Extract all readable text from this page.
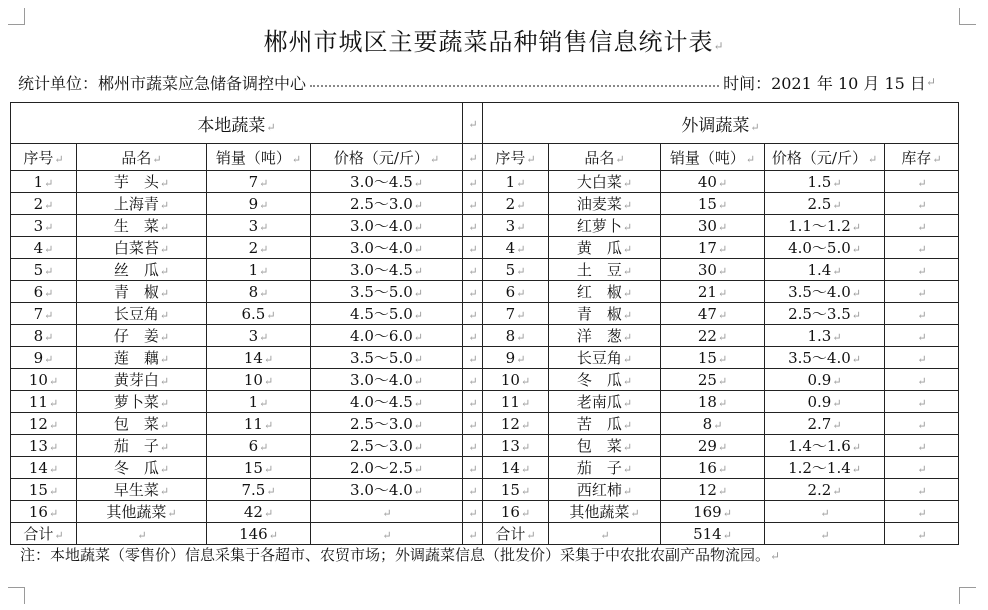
郴州市城区主要蔬菜品种销售信息统计表↵
统计单位：郴州市蔬菜应急储备调控中心	时间：2021 年 10 月 15 日 ↵
本地蔬菜↵				↵	外调蔬菜↵				
序号↵	品名↵	销量（吨）↵	价格（元/斤）↵	↵	序号↵	品名↵	销量（吨）↵	价格（元/斤）↵	库存↵
1↵	芋　头↵	7↵	3.0～4.5↵	↵	1↵	大白菜↵	40↵	1.5↵	↵
2↵	上海青↵	9↵	2.5～3.0↵	↵	2↵	油麦菜↵	15↵	2.5↵	↵
3↵	生　菜↵	3↵	3.0～4.0↵	↵	3↵	红萝卜↵	30↵	1.1～1.2↵	↵
4↵	白菜苔↵	2↵	3.0～4.0↵	↵	4↵	黄　瓜↵	17↵	4.0～5.0↵	↵
5↵	丝　瓜↵	1↵	3.0～4.5↵	↵	5↵	土　豆↵	30↵	1.4↵	↵
6↵	青　椒↵	8↵	3.5～5.0↵	↵	6↵	红　椒↵	21↵	3.5～4.0↵	↵
7↵	长豆角↵	6.5↵	4.5～5.0↵	↵	7↵	青　椒↵	47↵	2.5～3.5↵	↵
8↵	仔　姜↵	3↵	4.0～6.0↵	↵	8↵	洋　葱↵	22↵	1.3↵	↵
9↵	莲　藕↵	14↵	3.5～5.0↵	↵	9↵	长豆角↵	15↵	3.5～4.0↵	↵
10↵	黄芽白↵	10↵	3.0～4.0↵	↵	10↵	冬　瓜↵	25↵	0.9↵	↵
11↵	萝卜菜↵	1↵	4.0～4.5↵	↵	11↵	老南瓜↵	18↵	0.9↵	↵
12↵	包　菜↵	11↵	2.5～3.0↵	↵	12↵	苦　瓜↵	8↵	2.7↵	↵
13↵	茄　子↵	6↵	2.5～3.0↵	↵	13↵	包　菜↵	29↵	1.4～1.6↵	↵
14↵	冬　瓜↵	15↵	2.0～2.5↵	↵	14↵	茄　子↵	16↵	1.2～1.4↵	↵
15↵	早生菜↵	7.5↵	3.0～4.0↵	↵	15↵	西红柿↵	12↵	2.2↵	↵
16↵	其他蔬菜↵	42↵	↵	↵	16↵	其他蔬菜↵	169↵	↵	↵
合计↵	↵	146↵	↵	↵	合计↵	↵	514↵	↵	↵
注：本地蔬菜（零售价）信息采集于各超市、农贸市场；外调蔬菜信息（批发价）采集于中农批农副产品物流园。↵
